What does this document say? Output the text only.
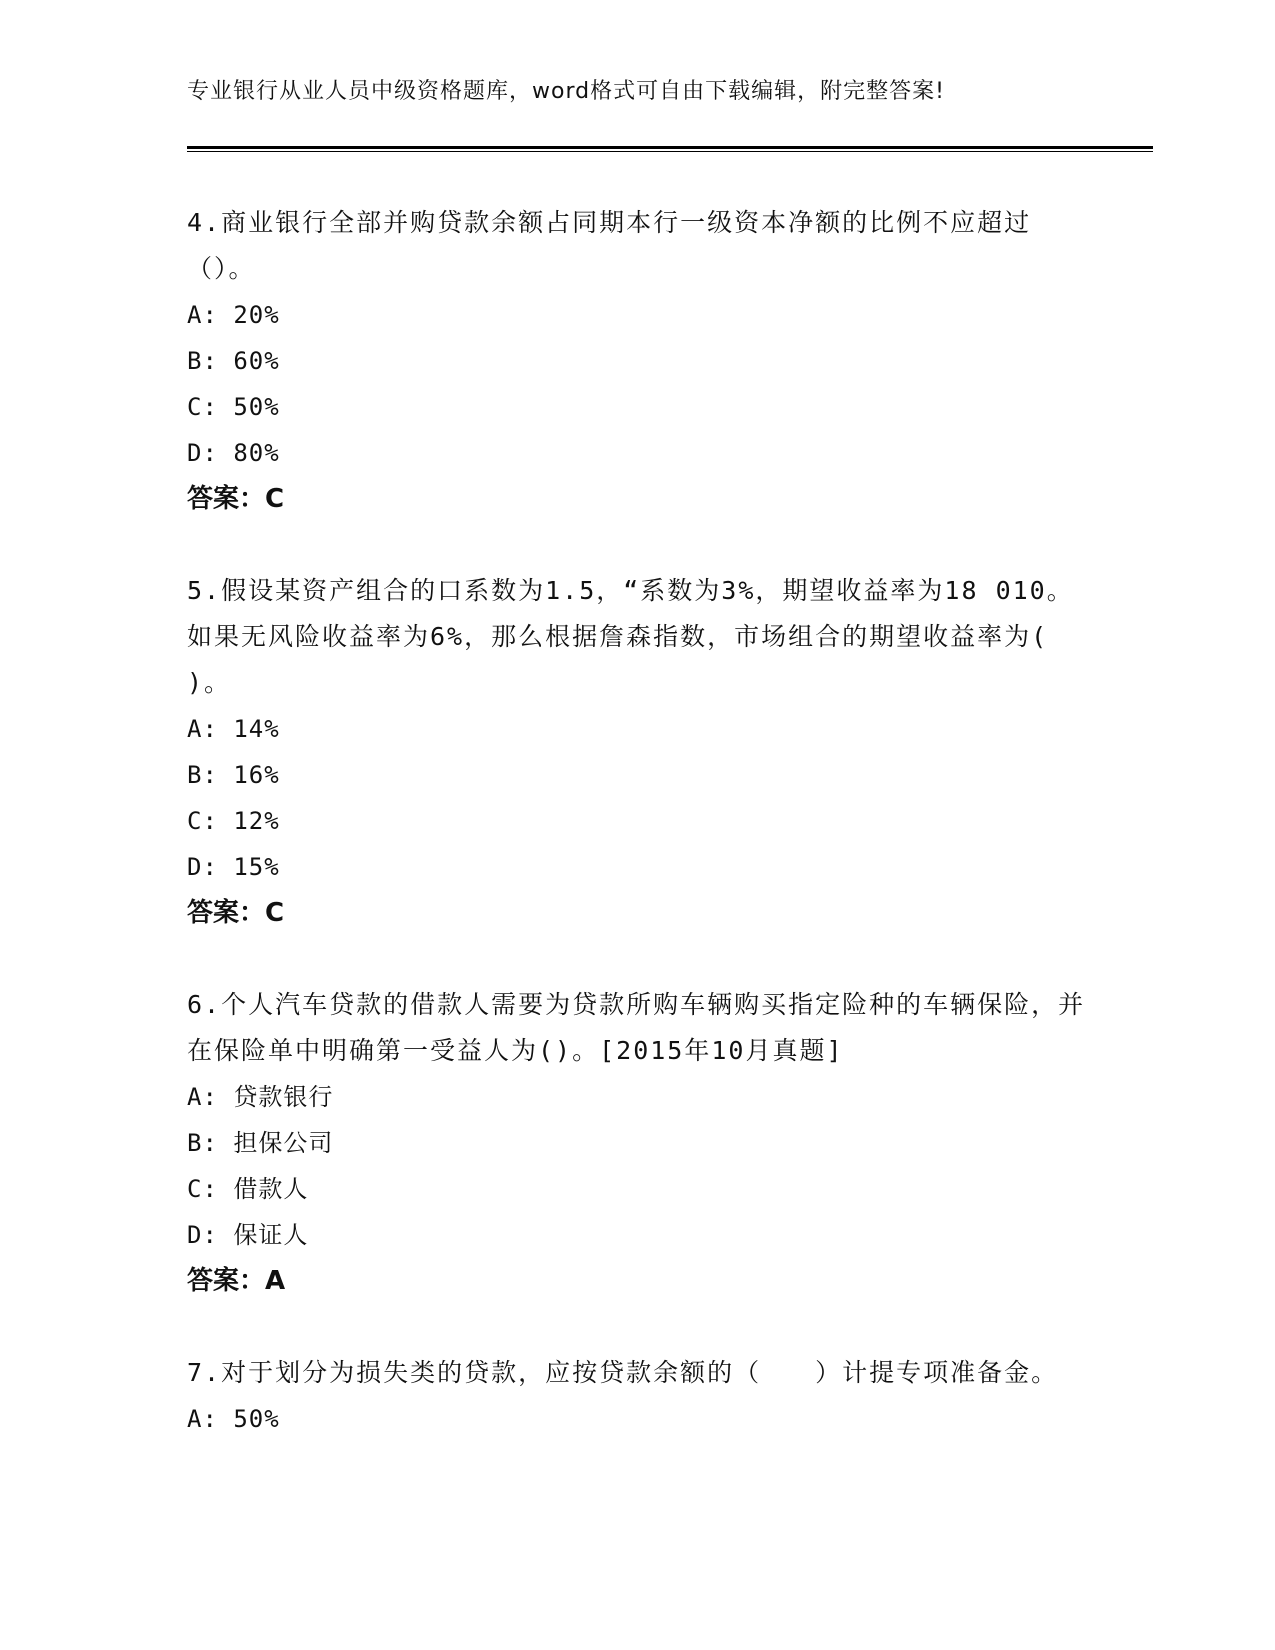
专业银行从业人员中级资格题库，word格式可自由下载编辑，附完整答案!
4.商业银行全部并购贷款余额占同期本行一级资本净额的比例不应超过（）。
A: 20%
B: 60%
C: 50%
D: 80%
答案：C
5.假设某资产组合的口系数为1.5，“系数为3%，期望收益率为18 010。如果无风险收益率为6%，那么根据詹森指数，市场组合的期望收益率为( )。
A: 14%
B: 16%
C: 12%
D: 15%
答案：C
6.个人汽车贷款的借款人需要为贷款所购车辆购买指定险种的车辆保险，并在保险单中明确第一受益人为()。[2015年10月真题]
A: 贷款银行
B: 担保公司
C: 借款人
D: 保证人
答案：A
7.对于划分为损失类的贷款，应按贷款余额的（　　）计提专项准备金。
A: 50%
